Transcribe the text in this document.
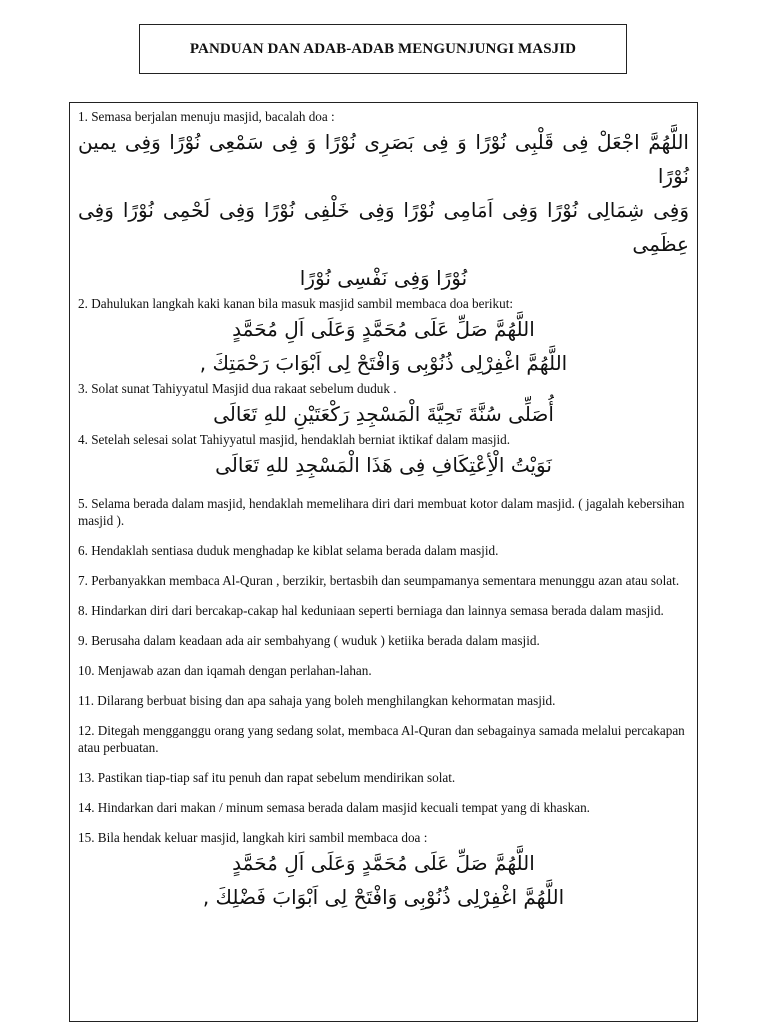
PANDUAN DAN ADAB-ADAB MENGUNJUNGI MASJID
1. Semasa berjalan menuju masjid, bacalah doa :
اللَّهُمَّ اجْعَلْ فِى قَلْبِى نُوْرًا وَ فِى بَصَرِى نُوْرًا وَ فِى سَمْعِى نُوْرًا وَفِى يمين نُوْرًا
وَفِى شِمَالِى نُوْرًا وَفِى اَمَامِى نُوْرًا وَفِى خَلْفِى نُوْرًا وَفِى لَحْمِى نُوْرًا وَفِى عِظَمِى
نُوْرًا وَفِى نَفْسِى نُوْرًا
2. Dahulukan langkah kaki kanan bila masuk masjid sambil membaca doa berikut:
اللَّهُمَّ صَلِّ عَلَى مُحَمَّدٍ وَعَلَى اَلِ مُحَمَّدٍ
اللَّهُمَّ اغْفِرْلِى ذُنُوْبِى وَافْتَحْ لِى اَبْوَابَ رَحْمَتِكَ ,
3. Solat sunat Tahiyyatul Masjid dua rakaat sebelum duduk .
أُصَلِّى سُنَّةَ تَحِيَّةَ الْمَسْجِدِ رَكْعَتَيْنِ للهِ تَعَالَى
4. Setelah selesai solat Tahiyyatul masjid, hendaklah berniat iktikaf dalam masjid.
نَوَيْتُ الْأِعْتِكَافِ فِى هَذَا الْمَسْجِدِ للهِ تَعَالَى
5. Selama berada dalam masjid, hendaklah memelihara diri dari membuat kotor dalam masjid. ( jagalah kebersihan masjid ).
6. Hendaklah sentiasa duduk menghadap ke kiblat selama berada dalam masjid.
7. Perbanyakkan membaca Al-Quran , berzikir, bertasbih dan seumpamanya sementara menunggu azan atau solat.
8. Hindarkan diri dari bercakap-cakap hal keduniaan seperti berniaga dan lainnya semasa berada dalam masjid.
9. Berusaha dalam keadaan ada air sembahyang ( wuduk ) ketiika berada dalam masjid.
10. Menjawab azan dan iqamah dengan perlahan-lahan.
11. Dilarang berbuat bising dan apa sahaja yang boleh menghilangkan kehormatan masjid.
12. Ditegah mengganggu orang yang sedang solat, membaca Al-Quran dan sebagainya samada melalui percakapan atau perbuatan.
13. Pastikan tiap-tiap saf itu penuh dan rapat sebelum mendirikan solat.
14. Hindarkan dari makan / minum semasa berada dalam masjid kecuali tempat yang di khaskan.
15. Bila hendak keluar masjid, langkah kiri sambil membaca doa :
اللَّهُمَّ صَلِّ عَلَى مُحَمَّدٍ وَعَلَى اَلِ مُحَمَّدٍ
اللَّهُمَّ اغْفِرْلِى ذُنُوْبِى وَافْتَحْ لِى اَبْوَابَ فَضْلِكَ ,
